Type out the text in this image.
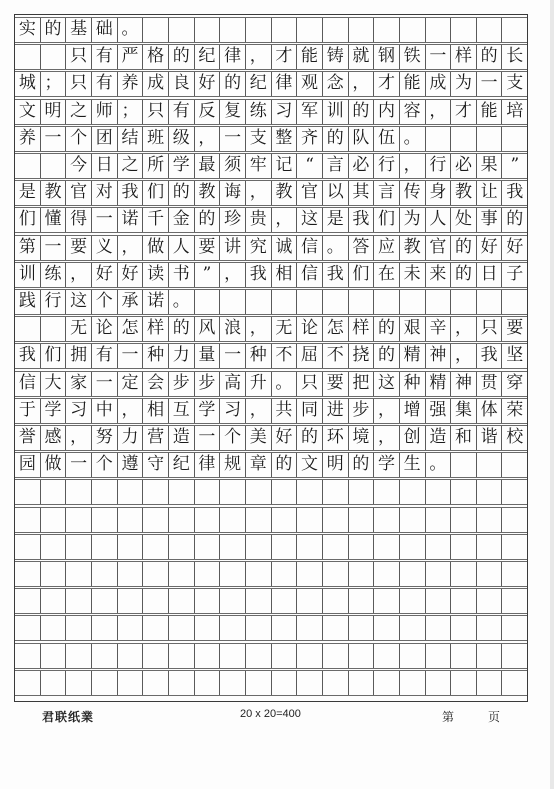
实 的 基 础 。
只 有 严 格 的 纪 律 ， 才 能 铸 就 钢 铁 一 样 的 长
城 ； 只 有 养 成 良 好 的 纪 律 观 念 ， 才 能 成 为 一 支
文 明 之 师 ； 只 有 反 复 练 习 军 训 的 内 容 ， 才 能 培
养 一 个 团 结 班 级 ， 一 支 整 齐 的 队 伍 。
今 日 之 所 学 最 须 牢 记 “ 言 必 行 ， 行 必 果 ”
是 教 官 对 我 们 的 教 诲 ， 教 官 以 其 言 传 身 教 让 我
们 懂 得 一 诺 千 金 的 珍 贵 ， 这 是 我 们 为 人 处 事 的
第 一 要 义 ， 做 人 要 讲 究 诚 信 。 答 应 教 官 的 好 好
训 练 ， 好 好 读 书 ” ， 我 相 信 我 们 在 未 来 的 日 子
践 行 这 个 承 诺 。
无 论 怎 样 的 风 浪 ， 无 论 怎 样 的 艰 辛 ， 只 要
我 们 拥 有 一 种 力 量 一 种 不 屈 不 挠 的 精 神 ， 我 坚
信 大 家 一 定 会 步 步 高 升 。 只 要 把 这 种 精 神 贯 穿
于 学 习 中 ， 相 互 学 习 ， 共 同 进 步 ， 增 强 集 体 荣
誉 感 ， 努 力 营 造 一 个 美 好 的 环 境 ， 创 造 和 谐 校
园 做 一 个 遵 守 纪 律 规 章 的 文 明 的 学 生 。
君联纸業	20 x 20=400	第	页
